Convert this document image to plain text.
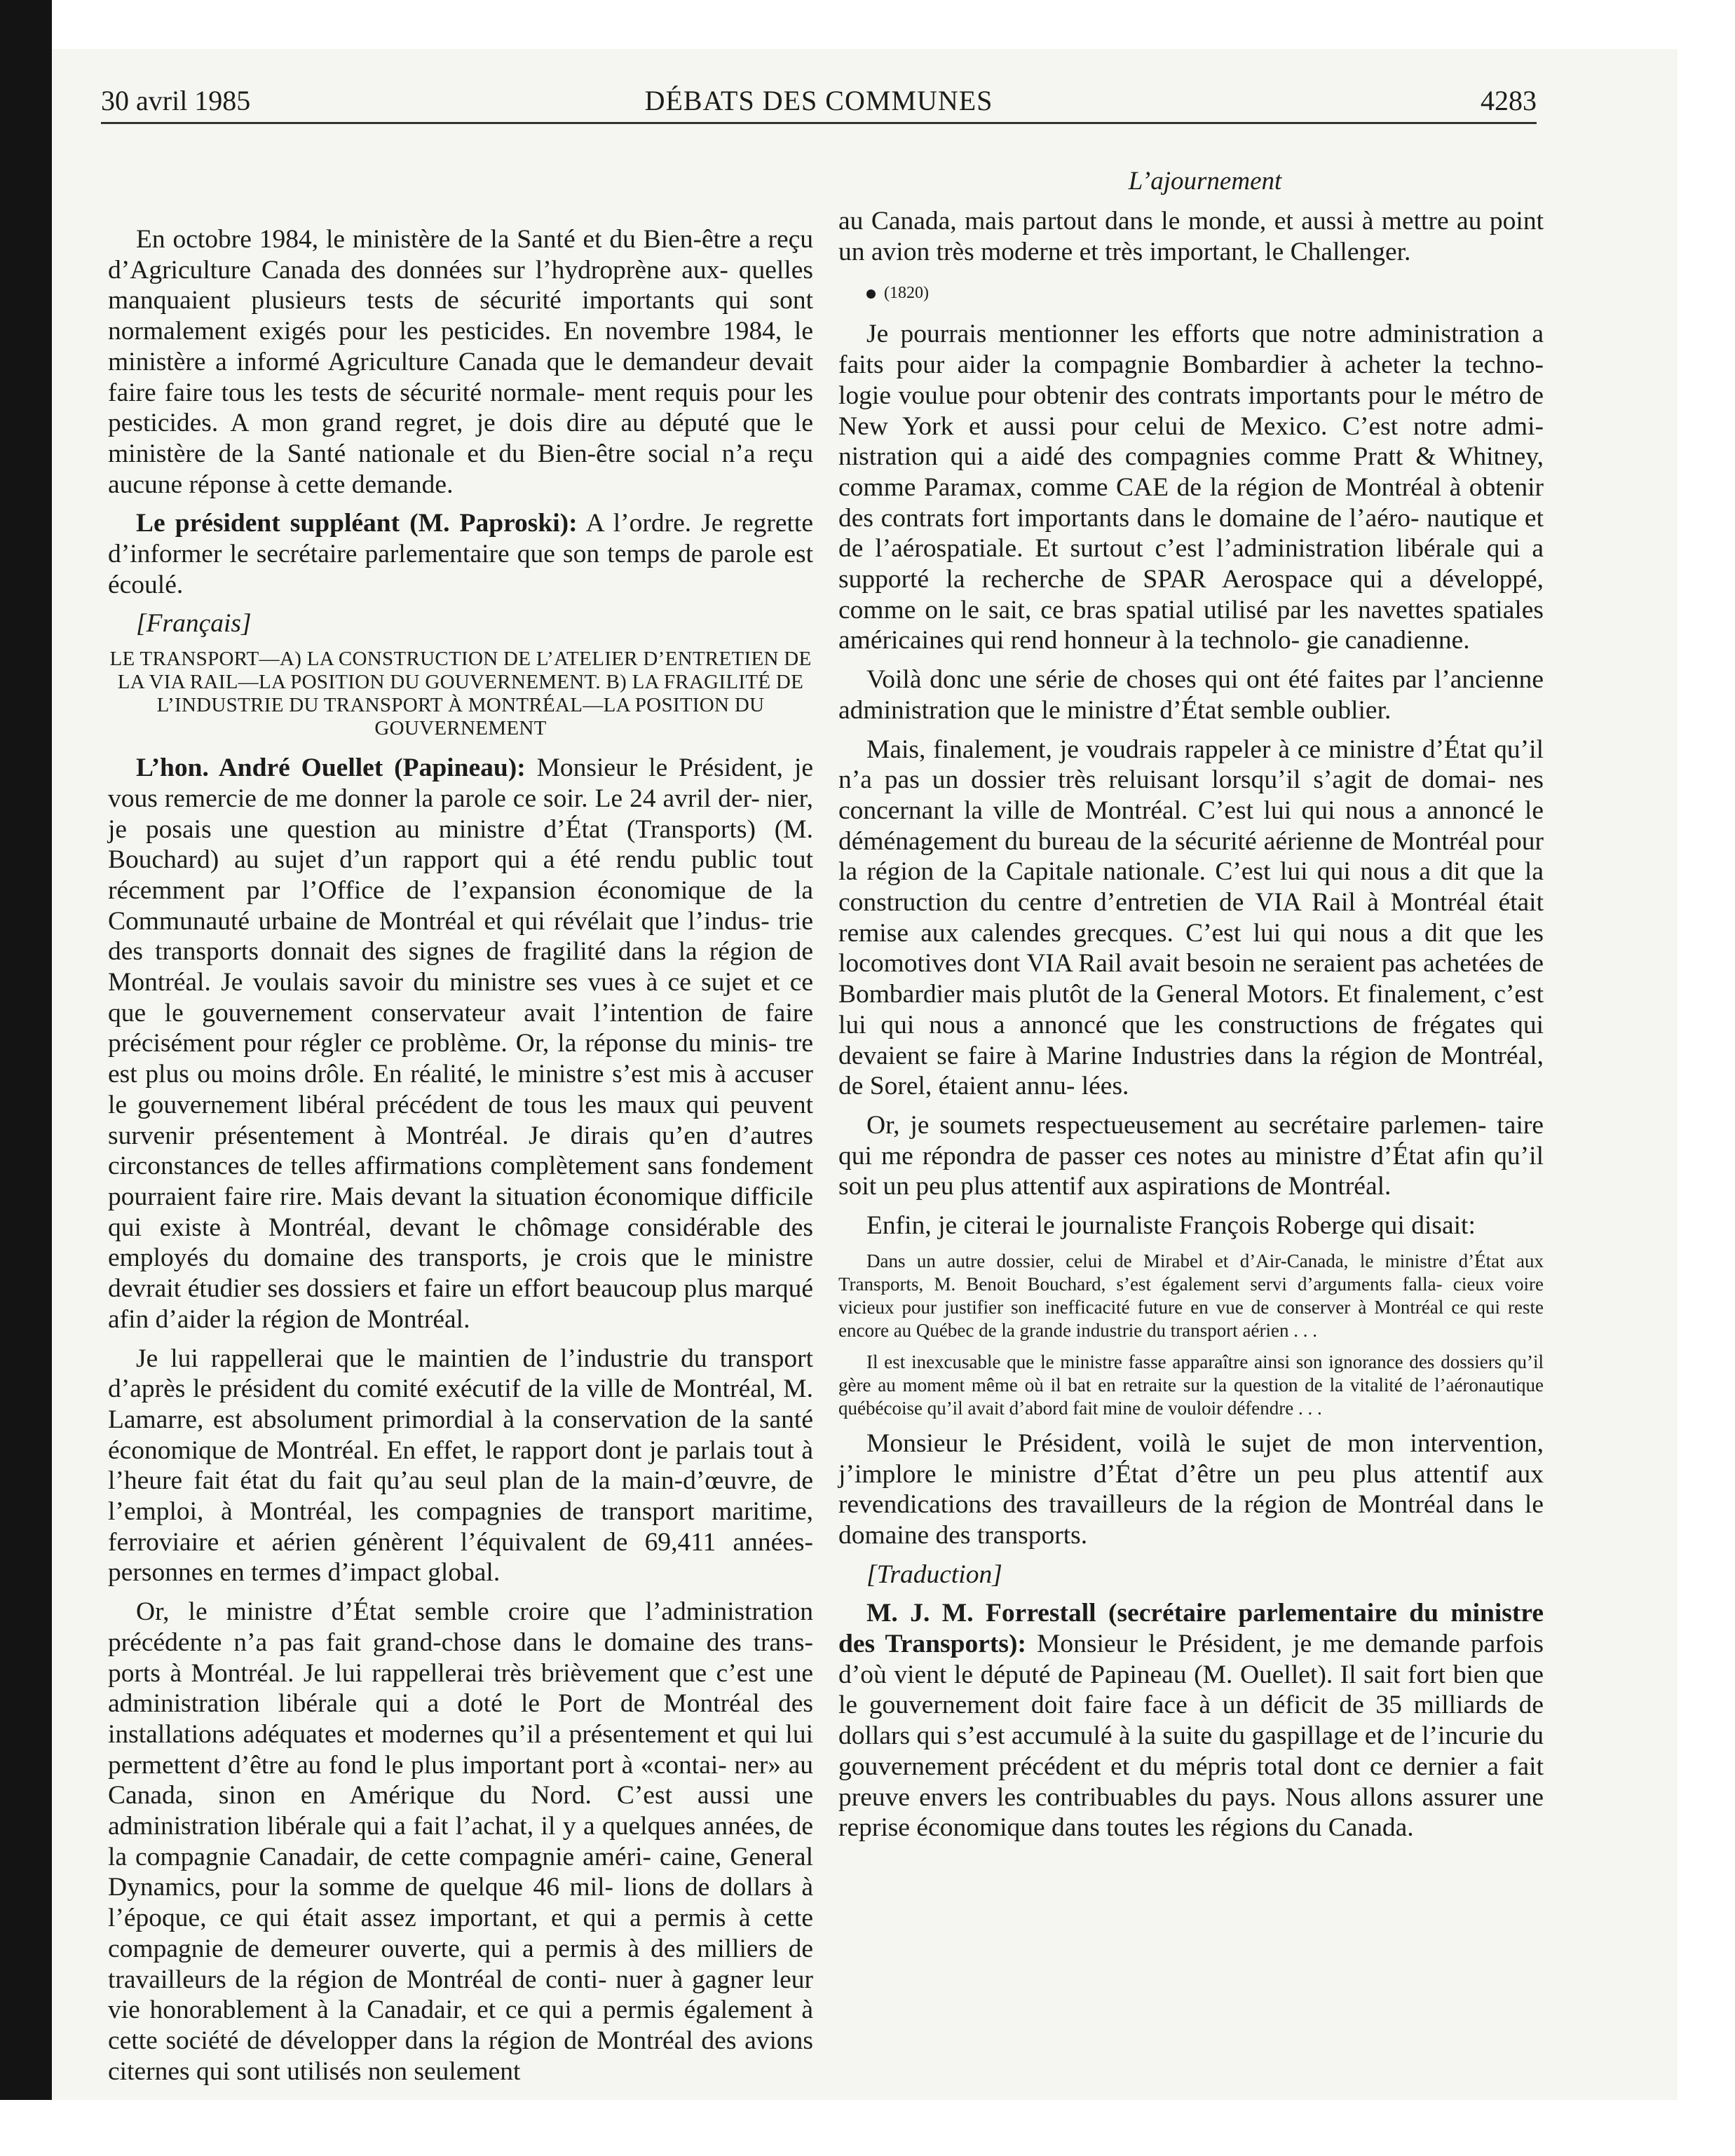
30 avril 1985	DÉBATS DES COMMUNES	4283

En octobre 1984, le ministère de la Santé et du Bien-être a reçu d’Agriculture Canada des données sur l’hydroprène aux- quelles manquaient plusieurs tests de sécurité importants qui sont normalement exigés pour les pesticides. En novembre 1984, le ministère a informé Agriculture Canada que le demandeur devait faire faire tous les tests de sécurité normale- ment requis pour les pesticides. A mon grand regret, je dois dire au député que le ministère de la Santé nationale et du Bien-être social n’a reçu aucune réponse à cette demande.

Le président suppléant (M. Paproski): A l’ordre. Je regrette d’informer le secrétaire parlementaire que son temps de parole est écoulé.

[Français]

LE TRANSPORT—A) LA CONSTRUCTION DE L’ATELIER D’ENTRETIEN DE LA VIA RAIL—LA POSITION DU GOUVERNEMENT. B) LA FRAGILITÉ DE L’INDUSTRIE DU TRANSPORT À MONTRÉAL—LA POSITION DU GOUVERNEMENT

L’hon. André Ouellet (Papineau): Monsieur le Président, je vous remercie de me donner la parole ce soir. Le 24 avril der- nier, je posais une question au ministre d’État (Transports) (M. Bouchard) au sujet d’un rapport qui a été rendu public tout récemment par l’Office de l’expansion économique de la Communauté urbaine de Montréal et qui révélait que l’indus- trie des transports donnait des signes de fragilité dans la région de Montréal. Je voulais savoir du ministre ses vues à ce sujet et ce que le gouvernement conservateur avait l’intention de faire précisément pour régler ce problème. Or, la réponse du minis- tre est plus ou moins drôle. En réalité, le ministre s’est mis à accuser le gouvernement libéral précédent de tous les maux qui peuvent survenir présentement à Montréal. Je dirais qu’en d’autres circonstances de telles affirmations complètement sans fondement pourraient faire rire. Mais devant la situation économique difficile qui existe à Montréal, devant le chômage considérable des employés du domaine des transports, je crois que le ministre devrait étudier ses dossiers et faire un effort beaucoup plus marqué afin d’aider la région de Montréal.

Je lui rappellerai que le maintien de l’industrie du transport d’après le président du comité exécutif de la ville de Montréal, M. Lamarre, est absolument primordial à la conservation de la santé économique de Montréal. En effet, le rapport dont je parlais tout à l’heure fait état du fait qu’au seul plan de la main-d’œuvre, de l’emploi, à Montréal, les compagnies de transport maritime, ferroviaire et aérien génèrent l’équivalent de 69,411 années-personnes en termes d’impact global.

Or, le ministre d’État semble croire que l’administration précédente n’a pas fait grand-chose dans le domaine des trans- ports à Montréal. Je lui rappellerai très brièvement que c’est une administration libérale qui a doté le Port de Montréal des installations adéquates et modernes qu’il a présentement et qui lui permettent d’être au fond le plus important port à «contai- ner» au Canada, sinon en Amérique du Nord. C’est aussi une administration libérale qui a fait l’achat, il y a quelques années, de la compagnie Canadair, de cette compagnie améri- caine, General Dynamics, pour la somme de quelque 46 mil- lions de dollars à l’époque, ce qui était assez important, et qui a permis à cette compagnie de demeurer ouverte, qui a permis à des milliers de travailleurs de la région de Montréal de conti- nuer à gagner leur vie honorablement à la Canadair, et ce qui a permis également à cette société de développer dans la région de Montréal des avions citernes qui sont utilisés non seulement

L’ajournement

au Canada, mais partout dans le monde, et aussi à mettre au point un avion très moderne et très important, le Challenger.

(1820)

Je pourrais mentionner les efforts que notre administration a faits pour aider la compagnie Bombardier à acheter la techno- logie voulue pour obtenir des contrats importants pour le métro de New York et aussi pour celui de Mexico. C’est notre admi- nistration qui a aidé des compagnies comme Pratt & Whitney, comme Paramax, comme CAE de la région de Montréal à obtenir des contrats fort importants dans le domaine de l’aéro- nautique et de l’aérospatiale. Et surtout c’est l’administration libérale qui a supporté la recherche de SPAR Aerospace qui a développé, comme on le sait, ce bras spatial utilisé par les navettes spatiales américaines qui rend honneur à la technolo- gie canadienne.

Voilà donc une série de choses qui ont été faites par l’ancienne administration que le ministre d’État semble oublier.

Mais, finalement, je voudrais rappeler à ce ministre d’État qu’il n’a pas un dossier très reluisant lorsqu’il s’agit de domai- nes concernant la ville de Montréal. C’est lui qui nous a annoncé le déménagement du bureau de la sécurité aérienne de Montréal pour la région de la Capitale nationale. C’est lui qui nous a dit que la construction du centre d’entretien de VIA Rail à Montréal était remise aux calendes grecques. C’est lui qui nous a dit que les locomotives dont VIA Rail avait besoin ne seraient pas achetées de Bombardier mais plutôt de la General Motors. Et finalement, c’est lui qui nous a annoncé que les constructions de frégates qui devaient se faire à Marine Industries dans la région de Montréal, de Sorel, étaient annu- lées.

Or, je soumets respectueusement au secrétaire parlemen- taire qui me répondra de passer ces notes au ministre d’État afin qu’il soit un peu plus attentif aux aspirations de Montréal.

Enfin, je citerai le journaliste François Roberge qui disait:

Dans un autre dossier, celui de Mirabel et d’Air-Canada, le ministre d’État aux Transports, M. Benoit Bouchard, s’est également servi d’arguments falla- cieux voire vicieux pour justifier son inefficacité future en vue de conserver à Montréal ce qui reste encore au Québec de la grande industrie du transport aérien . . .

Il est inexcusable que le ministre fasse apparaître ainsi son ignorance des dossiers qu’il gère au moment même où il bat en retraite sur la question de la vitalité de l’aéronautique québécoise qu’il avait d’abord fait mine de vouloir défendre . . .

Monsieur le Président, voilà le sujet de mon intervention, j’implore le ministre d’État d’être un peu plus attentif aux revendications des travailleurs de la région de Montréal dans le domaine des transports.

[Traduction]

M. J. M. Forrestall (secrétaire parlementaire du ministre des Transports): Monsieur le Président, je me demande parfois d’où vient le député de Papineau (M. Ouellet). Il sait fort bien que le gouvernement doit faire face à un déficit de 35 milliards de dollars qui s’est accumulé à la suite du gaspillage et de l’incurie du gouvernement précédent et du mépris total dont ce dernier a fait preuve envers les contribuables du pays. Nous allons assurer une reprise économique dans toutes les régions du Canada.
